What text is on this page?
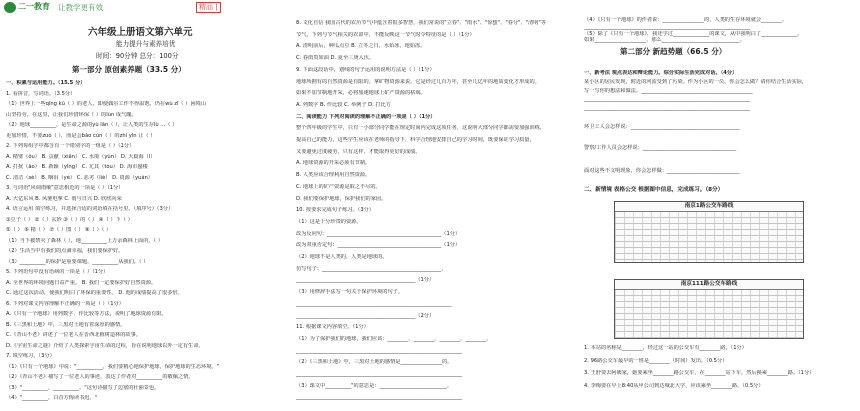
二一教育 让教学更有效	精品 |
六年级上册语文第六单元
能力提升与素养培优
时间：90分钟 总分：100分
第一部分 原创素养题（33.5 分）
一、积累与运用能力。（15.5 分）
1. 看拼音，写词语。（3.5分）
（1）世界上一些qīng kǔ（ ）的老人，即使偶尔工作不得温饱，仍在wù zī（ ）困境山
山坚持劳，在这里，让我们珍惜环保（ ）的lùn 成气魄。
（2）地球__________，是生命之源的yù lǎn（ ），让人类的生存lù ...（ ）
更加珍惜，不要zuò（ ），而是会bǎo cún（ ）的zhí yǐn 让（ ）
2. 下列每组字中都含有一个错别字的一组是（ ）（1分）
A. 精璧（ǒu） B. 贡献（xiǎn） C. 水境（yùn） D. 大篇海（ǐ）
A. 打扰（ǎo） B. 新颖（yǐng） C. 尤其（tòu） D. 海市蜃楼
C. 清洁（sè） B. 咽泪（yè） C. 恶劣（liè） D. 资源（yuán）
3. 与词语"风调雨顺"意思相近的一项是（ ）（1分）
A. 大亿东风 B. 风驰电掣 C. 雨与日兴 D. 欣欣向荣
4. 语言运用 填空练习，并选择合适的词语填在括号里。（填序号）（3分）
①豆子（ ） ②（ ）玄妙 ③（ ）的（ ） ④（ ）下（ ）
⑤（ ） ⑥ 精（ ） ⑦（ ）图（ ） ⑧（ ）（ ）
（1）当下被禁灭了森林（ ），地__________上万余森林上面的。（ ）
（2）生活当中有我们的点滴幸福，我们要保护好。
（3）__________的保护是重要课题，__________从我们。（ ）
5. 下列语句中没有语病的一项是（ ）（1分）
A. 全世界的环境问题日益严重。 B. 我们一定要保护好自然资源。
C. 通过这次活动，使我们明白了环保的重要性。 D. 他的成绩提高了很多倍。
6. 下列对课文内容理解不正确的一项是（ ）（1分）
A.《只有一个地球》用列数字、作比较等方法，说明了地球资源有限。
B.《三黑和土地》中，三黑对土地有着深厚的感情。
C.《青山不老》讲述了一位老人在晋西北植树造林的故事。
D.《宇宙生命之谜》介绍了人类探索宇宙生命的过程，旨在说明地球以外一定有生命。
7. 填空练习。（3分）
（1）《只有一个地球》中说："__________，我们要精心地保护地球，保护地球的生态环境。"
（2）《青山不老》描写了一位老人的事迹，表达了作者对__________的敬佩之情。
（3）"__________，__________。"这句诗描写了边塞的壮丽景色。
（4）"__________，白首方悔读书迟。"
8. 文化自信 我国古代的农历节气中蕴含着很多智慧，我们常说的"立春"、"雨水"、"惊蛰"、"春分"、"清明"等
节气，下列与节气相关的农谚中，不能反映这一节气时令特征的是（ ）（1分）
A. 清明前后，种瓜点豆 B. 立冬之日，水始冰，地始冻。
C. 春雨贵如油 D. 夏至三庚入伏。
9. 下面这段话中，划线的句子运用的说明方法是（ ）（1分）
地球所拥有的自然资源是有限的。拿矿物资源来说，它是经过几百万年，甚至几亿年的地质变化才形成的。
如果不加节制地开采，必将加速地球上矿产资源的枯竭。
A. 列数字 B. 作比较 C. 举例子 D. 打比方
二、阅读能力 下列对阅读的理解不正确的一项是（ ）（1分）
整个四年级的学生中，只有一小部分同学能在规定时间内完成这项任务，这说明大部分同学都需要加强训练，
提高自己的能力。这些学生应该在老师的指导下，科学合理地安排自己的学习时间，既要保证学习质量，
又要避免过度疲劳，只有这样，才能取得更好的成绩。
A. 地球资源的开采必须有节制。
B. 人类应该合理利用自然资源。
C. 地球上的矿产资源是取之不尽的。
D. 我们要保护地球，保护我们的家园。
10. 按要求完成句子练习。（3分）
（1）这是十分珍贵的资源。
改为反问句：____________________________________________（1分）
改为双重否定句：________________________________________（1分）
（2）地球不是人类的，人类是地球的。
仿写句子：______________________________________________，
______________________________________________（1分）
（3）用修辞手法写一句关于保护环境的句子。
____________________________________________________________
______________________________________________（2分）
11. 根据课文内容填空。（1分）
（1）为了保护我们的地球，我们应该：________，________，________，________。
________________________________________________________________
（2）《三黑和土地》中，三黑对土地的感情是________________的。
________________________________________________________________
（3）课文中__________"的意思是：__________________________。
________________________________________________________________
（4）《只有一个地球》的作者说：________________的，人类的生存环境就会________。
________________________________________________________________
（5）除了《只有一个地球》，我还学过______________的课文，从中我明白了______________。
如果____________________，那么______________________________。
第二部分 新趋势题（66.5 分）
一、新考法 观点表达和辩论能力。综合实际生活完成对话。（4分）
某小区的居民发现，附近的河流受到了污染。作为小区的一员，你会怎么做？请你结合生活实际，
写一写你的想法和做法。___________________________________________
________________________________________________________________
________________________________________________________________
环卫工人会怎样说：__________________________________________
警察/工作人员会怎样说：____________________________________
面对这些不文明现象，你会怎样做：____________________________
二、新情境 表格公交 根据图中信息，完成练习。（8分）
南京1路公交车路线
南京111路公交车路线
1. 本站的名称是________，经过这一站的公交车有________路。（1分）
2. 96路公交车最早的一班是________（时间）发出。（0.5分）
3. 王舒要去阿姨家，她要乘坐________路公交车，在________站下车，然后换乘________路。（1分）
4. 李梅要在早上8:40从甲公司到达城北大学，应该乘坐________路。（0.5分）
